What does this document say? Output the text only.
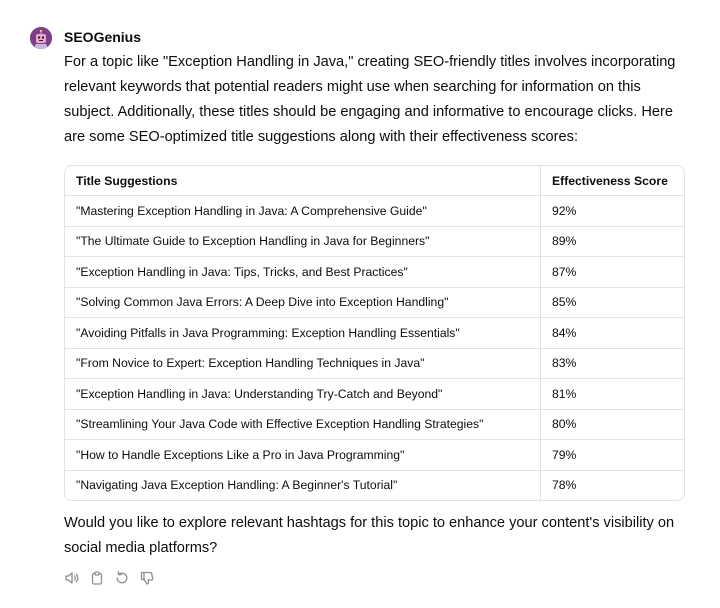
SEOGenius

For a topic like "Exception Handling in Java," creating SEO-friendly titles involves incorporating relevant keywords that potential readers might use when searching for information on this subject. Additionally, these titles should be engaging and informative to encourage clicks. Here are some SEO-optimized title suggestions along with their effectiveness scores:

Title Suggestions	Effectiveness Score
"Mastering Exception Handling in Java: A Comprehensive Guide"	92%
"The Ultimate Guide to Exception Handling in Java for Beginners"	89%
"Exception Handling in Java: Tips, Tricks, and Best Practices"	87%
"Solving Common Java Errors: A Deep Dive into Exception Handling"	85%
"Avoiding Pitfalls in Java Programming: Exception Handling Essentials"	84%
"From Novice to Expert: Exception Handling Techniques in Java"	83%
"Exception Handling in Java: Understanding Try-Catch and Beyond"	81%
"Streamlining Your Java Code with Effective Exception Handling Strategies"	80%
"How to Handle Exceptions Like a Pro in Java Programming"	79%
"Navigating Java Exception Handling: A Beginner's Tutorial"	78%

Would you like to explore relevant hashtags for this topic to enhance your content's visibility on social media platforms?
